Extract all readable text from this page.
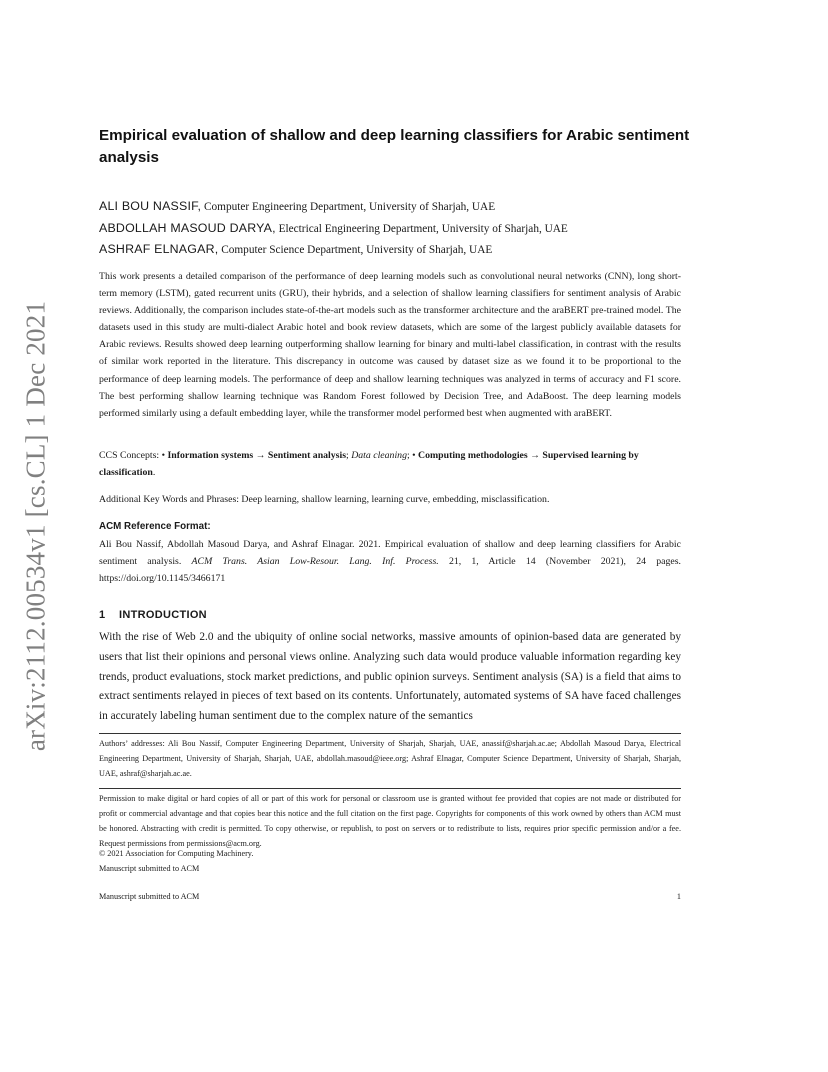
arXiv:2112.00534v1 [cs.CL] 1 Dec 2021
Empirical evaluation of shallow and deep learning classifiers for Arabic sentiment analysis
ALI BOU NASSIF, Computer Engineering Department, University of Sharjah, UAE
ABDOLLAH MASOUD DARYA, Electrical Engineering Department, University of Sharjah, UAE
ASHRAF ELNAGAR, Computer Science Department, University of Sharjah, UAE
This work presents a detailed comparison of the performance of deep learning models such as convolutional neural networks (CNN), long short-term memory (LSTM), gated recurrent units (GRU), their hybrids, and a selection of shallow learning classifiers for sentiment analysis of Arabic reviews. Additionally, the comparison includes state-of-the-art models such as the transformer architecture and the araBERT pre-trained model. The datasets used in this study are multi-dialect Arabic hotel and book review datasets, which are some of the largest publicly available datasets for Arabic reviews. Results showed deep learning outperforming shallow learning for binary and multi-label classification, in contrast with the results of similar work reported in the literature. This discrepancy in outcome was caused by dataset size as we found it to be proportional to the performance of deep learning models. The performance of deep and shallow learning techniques was analyzed in terms of accuracy and F1 score. The best performing shallow learning technique was Random Forest followed by Decision Tree, and AdaBoost. The deep learning models performed similarly using a default embedding layer, while the transformer model performed best when augmented with araBERT.
CCS Concepts: • Information systems → Sentiment analysis; Data cleaning; • Computing methodologies → Supervised learning by classification.
Additional Key Words and Phrases: Deep learning, shallow learning, learning curve, embedding, misclassification.
ACM Reference Format:
Ali Bou Nassif, Abdollah Masoud Darya, and Ashraf Elnagar. 2021. Empirical evaluation of shallow and deep learning classifiers for Arabic sentiment analysis. ACM Trans. Asian Low-Resour. Lang. Inf. Process. 21, 1, Article 14 (November 2021), 24 pages. https://doi.org/10.1145/3466171
1 INTRODUCTION
With the rise of Web 2.0 and the ubiquity of online social networks, massive amounts of opinion-based data are generated by users that list their opinions and personal views online. Analyzing such data would produce valuable information regarding key trends, product evaluations, stock market predictions, and public opinion surveys. Sentiment analysis (SA) is a field that aims to extract sentiments relayed in pieces of text based on its contents. Unfortunately, automated systems of SA have faced challenges in accurately labeling human sentiment due to the complex nature of the semantics
Authors’ addresses: Ali Bou Nassif, Computer Engineering Department, University of Sharjah, Sharjah, UAE, anassif@sharjah.ac.ae; Abdollah Masoud Darya, Electrical Engineering Department, University of Sharjah, Sharjah, UAE, abdollah.masoud@ieee.org; Ashraf Elnagar, Computer Science Department, University of Sharjah, Sharjah, UAE, ashraf@sharjah.ac.ae.
Permission to make digital or hard copies of all or part of this work for personal or classroom use is granted without fee provided that copies are not made or distributed for profit or commercial advantage and that copies bear this notice and the full citation on the first page. Copyrights for components of this work owned by others than ACM must be honored. Abstracting with credit is permitted. To copy otherwise, or republish, to post on servers or to redistribute to lists, requires prior specific permission and/or a fee. Request permissions from permissions@acm.org.
© 2021 Association for Computing Machinery.
Manuscript submitted to ACM
Manuscript submitted to ACM	1
